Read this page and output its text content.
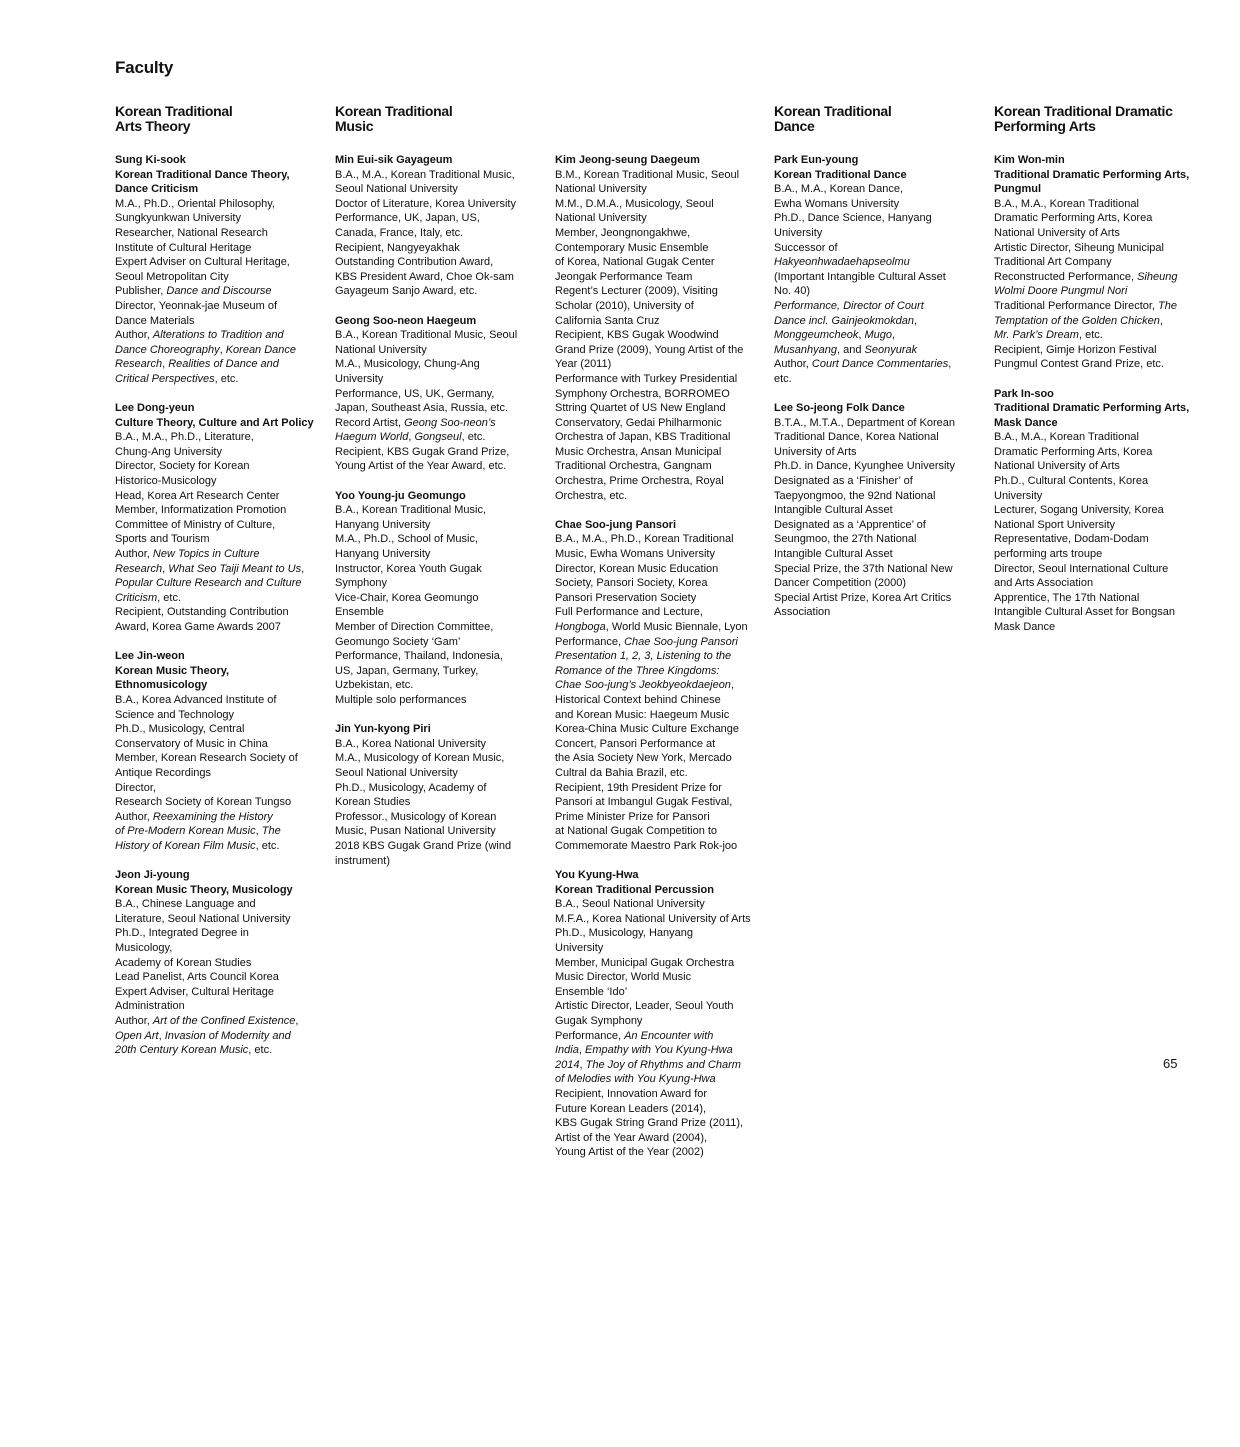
Faculty
Korean Traditional
Arts Theory
Sung Ki-sook
Korean Traditional Dance Theory,
Dance Criticism
M.A., Ph.D., Oriental Philosophy,
Sungkyunkwan University
Researcher, National Research
Institute of Cultural Heritage
Expert Adviser on Cultural Heritage,
Seoul Metropolitan City
Publisher, Dance and Discourse
Director, Yeonnak-jae Museum of
Dance Materials
Author, Alterations to Tradition and
Dance Choreography, Korean Dance
Research, Realities of Dance and
Critical Perspectives, etc.
Lee Dong-yeun
Culture Theory, Culture and Art Policy
B.A., M.A., Ph.D., Literature,
Chung-Ang University
Director, Society for Korean
Historico-Musicology
Head, Korea Art Research Center
Member, Informatization Promotion
Committee of Ministry of Culture,
Sports and Tourism
Author, New Topics in Culture
Research, What Seo Taiji Meant to Us,
Popular Culture Research and Culture
Criticism, etc.
Recipient, Outstanding Contribution
Award, Korea Game Awards 2007
Lee Jin-weon
Korean Music Theory,
Ethnomusicology
B.A., Korea Advanced Institute of
Science and Technology
Ph.D., Musicology, Central
Conservatory of Music in China
Member, Korean Research Society of
Antique Recordings
Director,
Research Society of Korean Tungso
Author, Reexamining the History
of Pre-Modern Korean Music, The
History of Korean Film Music, etc.
Jeon Ji-young
Korean Music Theory, Musicology
B.A., Chinese Language and
Literature, Seoul National University
Ph.D., Integrated Degree in
Musicology,
Academy of Korean Studies
Lead Panelist, Arts Council Korea
Expert Adviser, Cultural Heritage
Administration
Author, Art of the Confined Existence,
Open Art, Invasion of Modernity and
20th Century Korean Music, etc.
Korean Traditional
Music
Min Eui-sik Gayageum
B.A., M.A., Korean Traditional Music,
Seoul National University
Doctor of Literature, Korea University
Performance, UK, Japan, US,
Canada, France, Italy, etc.
Recipient, Nangyeyakhak
Outstanding Contribution Award,
KBS President Award, Choe Ok-sam
Gayageum Sanjo Award, etc.
Geong Soo-neon Haegeum
B.A., Korean Traditional Music, Seoul
National University
M.A., Musicology, Chung-Ang
University
Performance, US, UK, Germany,
Japan, Southeast Asia, Russia, etc.
Record Artist, Geong Soo-neon’s
Haegum World, Gongseul, etc.
Recipient, KBS Gugak Grand Prize,
Young Artist of the Year Award, etc.
Yoo Young-ju Geomungo
B.A., Korean Traditional Music,
Hanyang University
M.A., Ph.D., School of Music,
Hanyang University
Instructor, Korea Youth Gugak
Symphony
Vice-Chair, Korea Geomungo
Ensemble
Member of Direction Committee,
Geomungo Society ‘Gam’
Performance, Thailand, Indonesia,
US, Japan, Germany, Turkey,
Uzbekistan, etc.
Multiple solo performances
Jin Yun-kyong Piri
B.A., Korea National University
M.A., Musicology of Korean Music,
Seoul National University
Ph.D., Musicology, Academy of
Korean Studies
Professor., Musicology of Korean
Music, Pusan National University
2018 KBS Gugak Grand Prize (wind
instrument)
Kim Jeong-seung Daegeum
B.M., Korean Traditional Music, Seoul
National University
M.M., D.M.A., Musicology, Seoul
National University
Member, Jeongnongakhwe,
Contemporary Music Ensemble
of Korea, National Gugak Center
Jeongak Performance Team
Regent’s Lecturer (2009), Visiting
Scholar (2010), University of
California Santa Cruz
Recipient, KBS Gugak Woodwind
Grand Prize (2009), Young Artist of the
Year (2011)
Performance with Turkey Presidential
Symphony Orchestra, BORROMEO
Sttring Quartet of US New England
Conservatory, Gedai Philharmonic
Orchestra of Japan, KBS Traditional
Music Orchestra, Ansan Municipal
Traditional Orchestra, Gangnam
Orchestra, Prime Orchestra, Royal
Orchestra, etc.
Chae Soo-jung Pansori
B.A., M.A., Ph.D., Korean Traditional
Music, Ewha Womans University
Director, Korean Music Education
Society, Pansori Society, Korea
Pansori Preservation Society
Full Performance and Lecture,
Hongboga, World Music Biennale, Lyon
Performance, Chae Soo-jung Pansori
Presentation 1, 2, 3, Listening to the
Romance of the Three Kingdoms:
Chae Soo-jung’s Jeokbyeokdaejeon,
Historical Context behind Chinese
and Korean Music: Haegeum Music
Korea-China Music Culture Exchange
Concert, Pansori Performance at
the Asia Society New York, Mercado
Cultral da Bahia Brazil, etc.
Recipient, 19th President Prize for
Pansori at Imbangul Gugak Festival,
Prime Minister Prize for Pansori
at National Gugak Competition to
Commemorate Maestro Park Rok-joo
You Kyung-Hwa
Korean Traditional Percussion
B.A., Seoul National University
M.F.A., Korea National University of Arts
Ph.D., Musicology, Hanyang
University
Member, Municipal Gugak Orchestra
Music Director, World Music
Ensemble ‘Ido’
Artistic Director, Leader, Seoul Youth
Gugak Symphony
Performance, An Encounter with
India, Empathy with You Kyung-Hwa
2014, The Joy of Rhythms and Charm
of Melodies with You Kyung-Hwa
Recipient, Innovation Award for
Future Korean Leaders (2014),
KBS Gugak String Grand Prize (2011),
Artist of the Year Award (2004),
Young Artist of the Year (2002)
Korean Traditional
Dance
Park Eun-young
Korean Traditional Dance
B.A., M.A., Korean Dance,
Ewha Womans University
Ph.D., Dance Science, Hanyang
University
Successor of
Hakyeonhwadaehapseolmu
(Important Intangible Cultural Asset
No. 40)
Performance, Director of Court
Dance incl. Gainjeokmokdan,
Monggeumcheok, Mugo,
Musanhyang, and Seonyurak
Author, Court Dance Commentaries,
etc.
Lee So-jeong Folk Dance
B.T.A., M.T.A., Department of Korean
Traditional Dance, Korea National
University of Arts
Ph.D. in Dance, Kyunghee University
Designated as a ‘Finisher’ of
Taepyongmoo, the 92nd National
Intangible Cultural Asset
Designated as a ‘Apprentice’ of
Seungmoo, the 27th National
Intangible Cultural Asset
Special Prize, the 37th National New
Dancer Competition (2000)
Special Artist Prize, Korea Art Critics
Association
Korean Traditional Dramatic
Performing Arts
Kim Won-min
Traditional Dramatic Performing Arts,
Pungmul
B.A., M.A., Korean Traditional
Dramatic Performing Arts, Korea
National University of Arts
Artistic Director, Siheung Municipal
Traditional Art Company
Reconstructed Performance, Siheung
Wolmi Doore Pungmul Nori
Traditional Performance Director, The
Temptation of the Golden Chicken,
Mr. Park’s Dream, etc.
Recipient, Gimje Horizon Festival
Pungmul Contest Grand Prize, etc.
Park In-soo
Traditional Dramatic Performing Arts,
Mask Dance
B.A., M.A., Korean Traditional
Dramatic Performing Arts, Korea
National University of Arts
Ph.D., Cultural Contents, Korea
University
Lecturer, Sogang University, Korea
National Sport University
Representative, Dodam-Dodam
performing arts troupe
Director, Seoul International Culture
and Arts Association
Apprentice, The 17th National
Intangible Cultural Asset for Bongsan
Mask Dance
65
